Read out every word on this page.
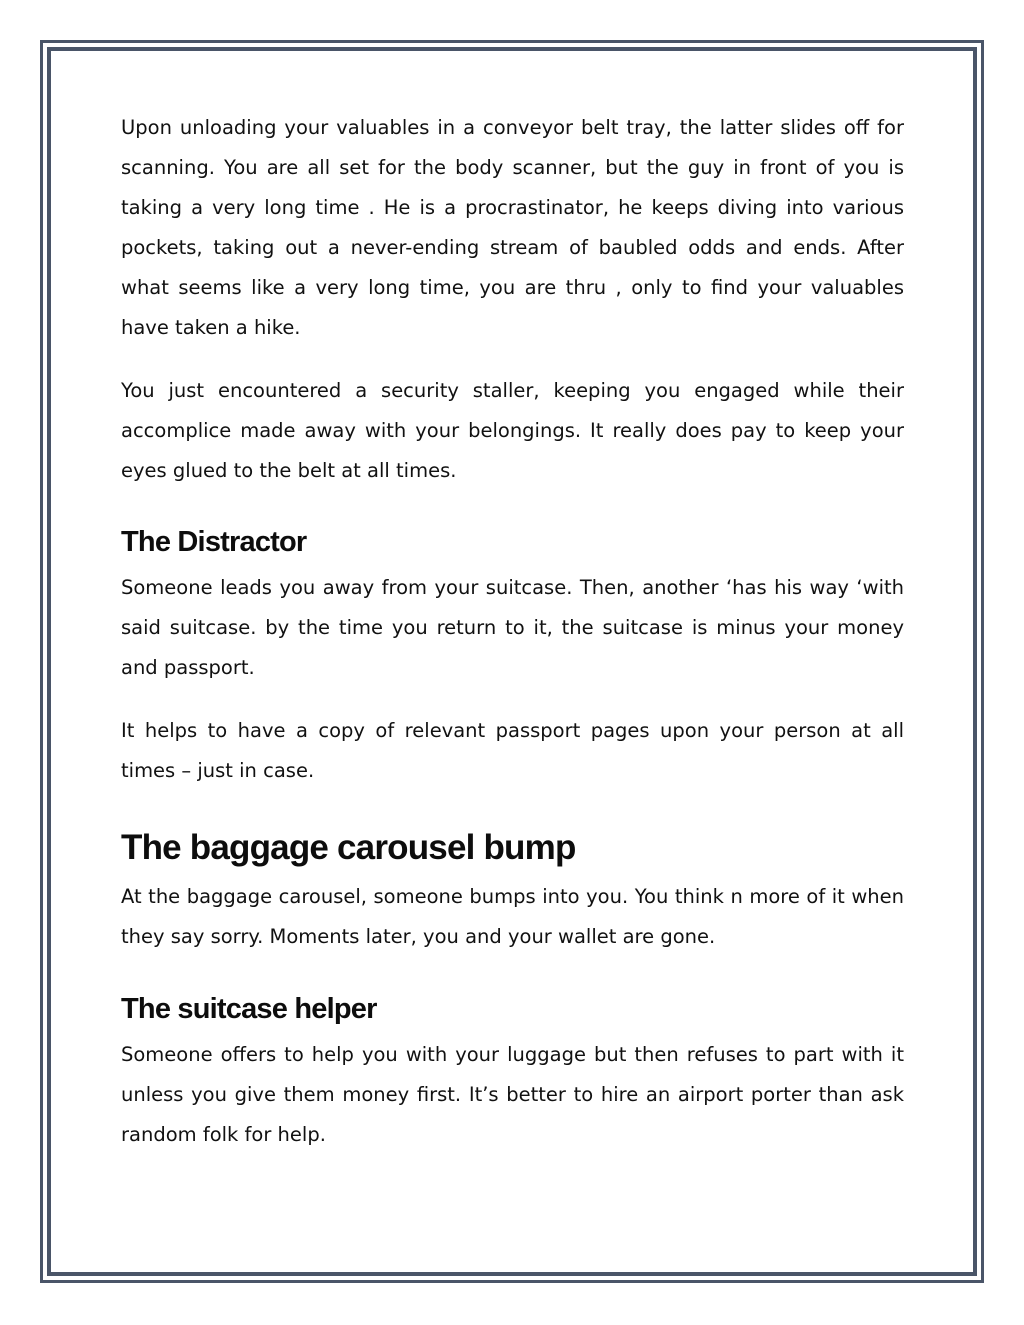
Upon unloading your valuables in a conveyor belt tray, the latter slides off for scanning. You are all set for the body scanner, but the guy in front of you is taking a very long time . He is a procrastinator, he keeps diving into various pockets, taking out a never-ending stream of baubled odds and ends. After what seems like a very long time, you are thru , only to find your valuables have taken a hike.

You just encountered a security staller, keeping you engaged while their accomplice made away with your belongings. It really does pay to keep your eyes glued to the belt at all times.

The Distractor

Someone leads you away from your suitcase. Then, another ‘has his way ‘with said suitcase. by the time you return to it, the suitcase is minus your money and passport.

It helps to have a copy of relevant passport pages upon your person at all times – just in case.

The baggage carousel bump

At the baggage carousel, someone bumps into you. You think n more of it when they say sorry. Moments later, you and your wallet are gone.

The suitcase helper

Someone offers to help you with your luggage but then refuses to part with it unless you give them money first. It’s better to hire an airport porter than ask random folk for help.
